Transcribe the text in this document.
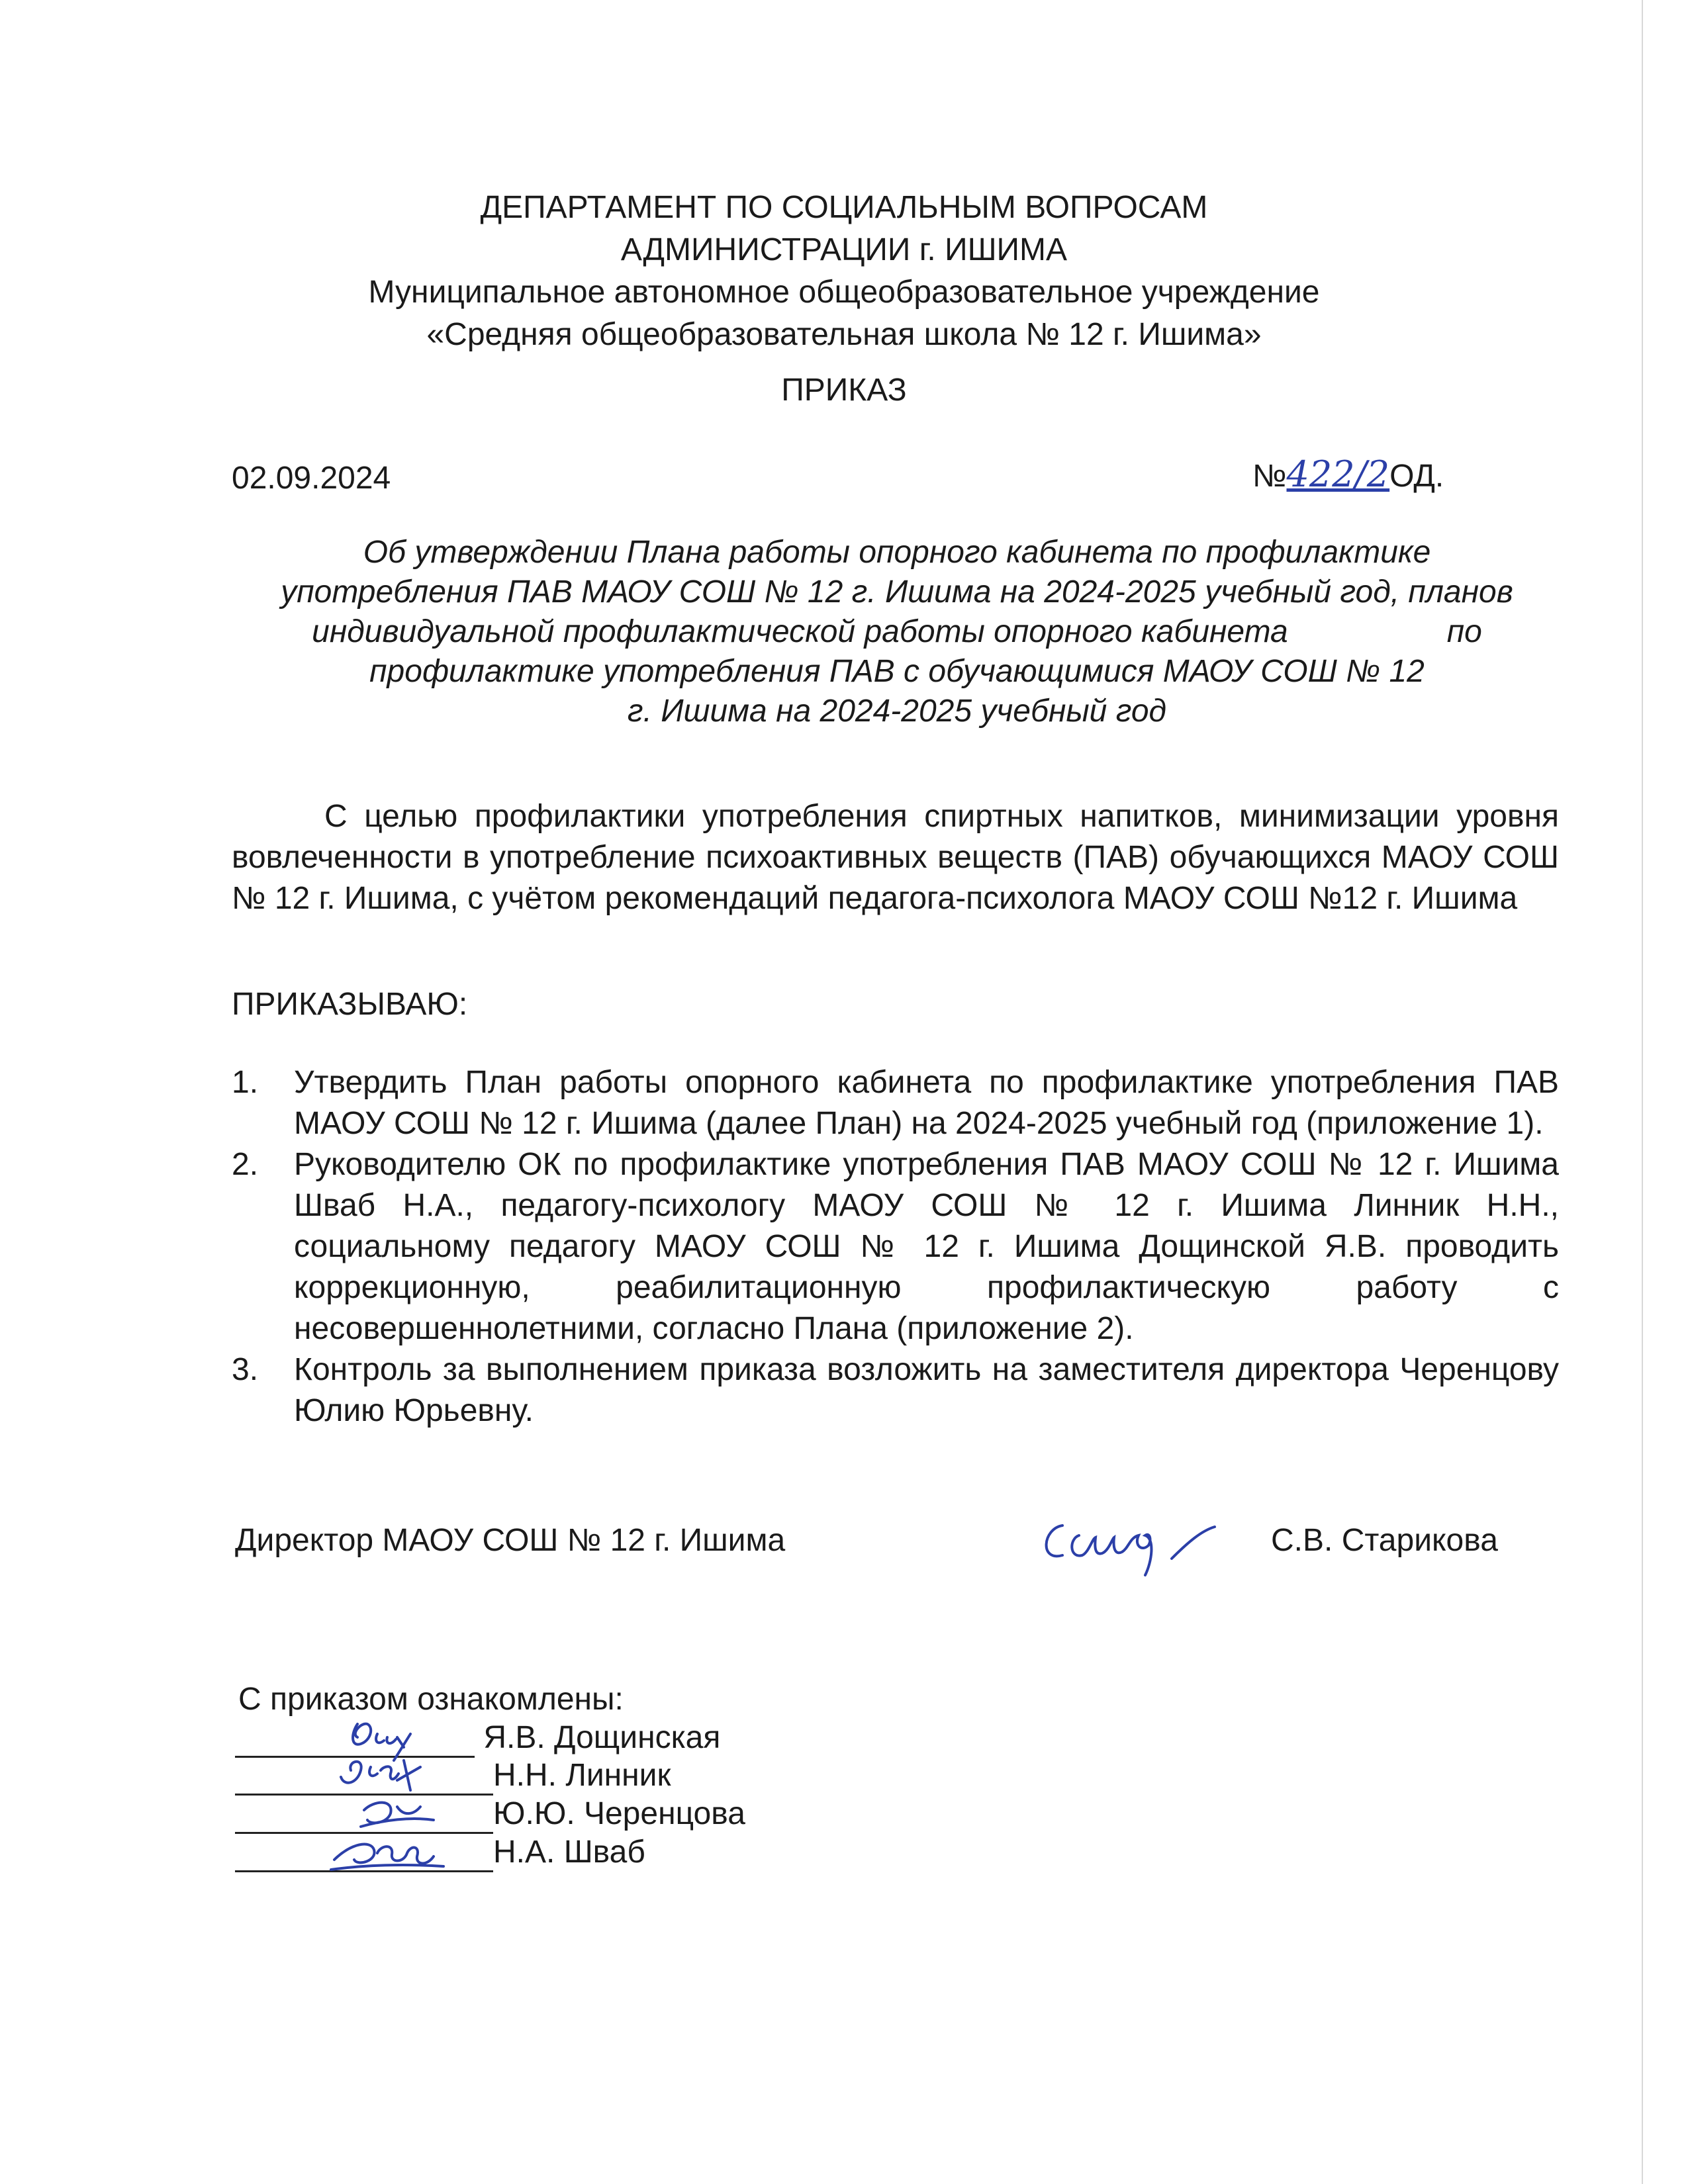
ДЕПАРТАМЕНТ ПО СОЦИАЛЬНЫМ ВОПРОСАМ
АДМИНИСТРАЦИИ г. ИШИМА
Муниципальное автономное общеобразовательное учреждение
«Средняя общеобразовательная школа № 12 г. Ишима»
ПРИКАЗ
02.09.2024	№422/2ОД.
Об утверждении Плана работы опорного кабинета по профилактике
употребления ПАВ МАОУ СОШ № 12 г. Ишима на 2024-2025 учебный год, планов
индивидуальной профилактической работы опорного кабинета                  по
профилактике употребления ПАВ с обучающимися МАОУ СОШ № 12
г. Ишима на 2024-2025 учебный год
С целью профилактики употребления спиртных напитков, минимизации уровня вовлеченности в употребление психоактивных веществ (ПАВ) обучающихся МАОУ СОШ № 12 г. Ишима, с учётом рекомендаций педагога-психолога МАОУ СОШ №12 г. Ишима
ПРИКАЗЫВАЮ:
1. Утвердить План работы опорного кабинета по профилактике употребления ПАВ МАОУ СОШ № 12 г. Ишима (далее План) на 2024-2025 учебный год (приложение 1).
2. Руководителю ОК по профилактике употребления ПАВ МАОУ СОШ № 12 г. Ишима Шваб Н.А., педагогу-психологу МАОУ СОШ № 12 г. Ишима Линник Н.Н., социальному педагогу МАОУ СОШ № 12 г. Ишима Дощинской Я.В. проводить коррекционную, реабилитационную профилактическую работу с несовершеннолетними, согласно Плана (приложение 2).
3. Контроль за выполнением приказа возложить на заместителя директора Черенцову Юлию Юрьевну.
Директор МАОУ СОШ № 12 г. Ишима	С.В. Старикова
С приказом ознакомлены:
Я.В. Дощинская
Н.Н. Линник
Ю.Ю. Черенцова
Н.А. Шваб
